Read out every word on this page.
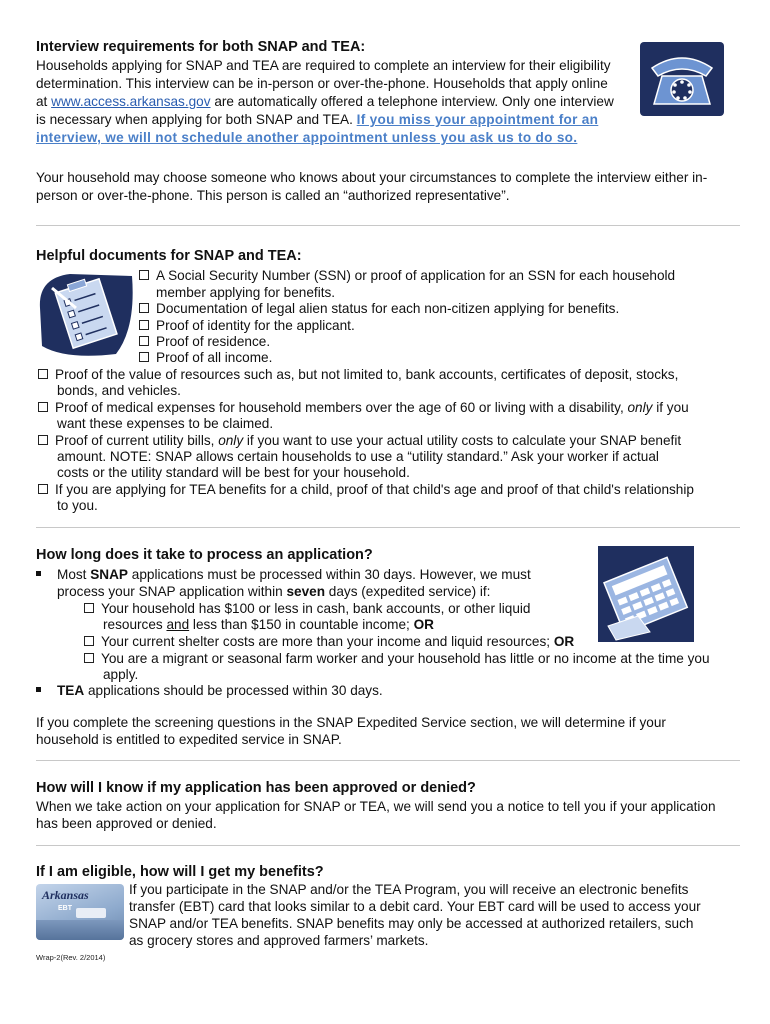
Interview requirements for both SNAP and TEA:

Households applying for SNAP and TEA are required to complete an interview for their eligibility

determination. This interview can be in-person or over-the-phone. Households that apply online

at www.access.arkansas.gov are automatically offered a telephone interview. Only one interview

is necessary when applying for both SNAP and TEA. If you miss your appointment for an

interview, we will not schedule another appointment unless you ask us to do so.

Your household may choose someone who knows about your circumstances to complete the interview either in-

person or over-the-phone. This person is called an “authorized representative”.

Helpful documents for SNAP and TEA:
A Social Security Number (SSN) or proof of application for an SSN for each household
member applying for benefits.
Documentation of legal alien status for each non-citizen applying for benefits.
Proof of identity for the applicant.
Proof of residence.
Proof of all income.
Proof of the value of resources such as, but not limited to, bank accounts, certificates of deposit, stocks,
bonds, and vehicles.
Proof of medical expenses for household members over the age of 60 or living with a disability, only if you
want these expenses to be claimed.
Proof of current utility bills, only if you want to use your actual utility costs to calculate your SNAP benefit
amount. NOTE: SNAP allows certain households to use a “utility standard.” Ask your worker if actual
costs or the utility standard will be best for your household.
If you are applying for TEA benefits for a child, proof of that child's age and proof of that child's relationship
to you.
How long does it take to process an application?
Most SNAP applications must be processed within 30 days. However, we must
process your SNAP application within seven days (expedited service) if:
Your household has $100 or less in cash, bank accounts, or other liquid
resources and less than $150 in countable income; OR
Your current shelter costs are more than your income and liquid resources; OR
You are a migrant or seasonal farm worker and your household has little or no income at the time you
apply.
TEA applications should be processed within 30 days.

If you complete the screening questions in the SNAP Expedited Service section, we will determine if your

household is entitled to expedited service in SNAP.

How will I know if my application has been approved or denied?

When we take action on your application for SNAP or TEA, we will send you a notice to tell you if your application

has been approved or denied.

If I am eligible, how will I get my benefits?
Arkansas
EBT

If you participate in the SNAP and/or the TEA Program, you will receive an electronic benefits

transfer (EBT) card that looks similar to a debit card. Your EBT card will be used to access your

SNAP and/or TEA benefits. SNAP benefits may only be accessed at authorized retailers, such

as grocery stores and approved farmers’ markets.

Wrap-2(Rev. 2/2014)
